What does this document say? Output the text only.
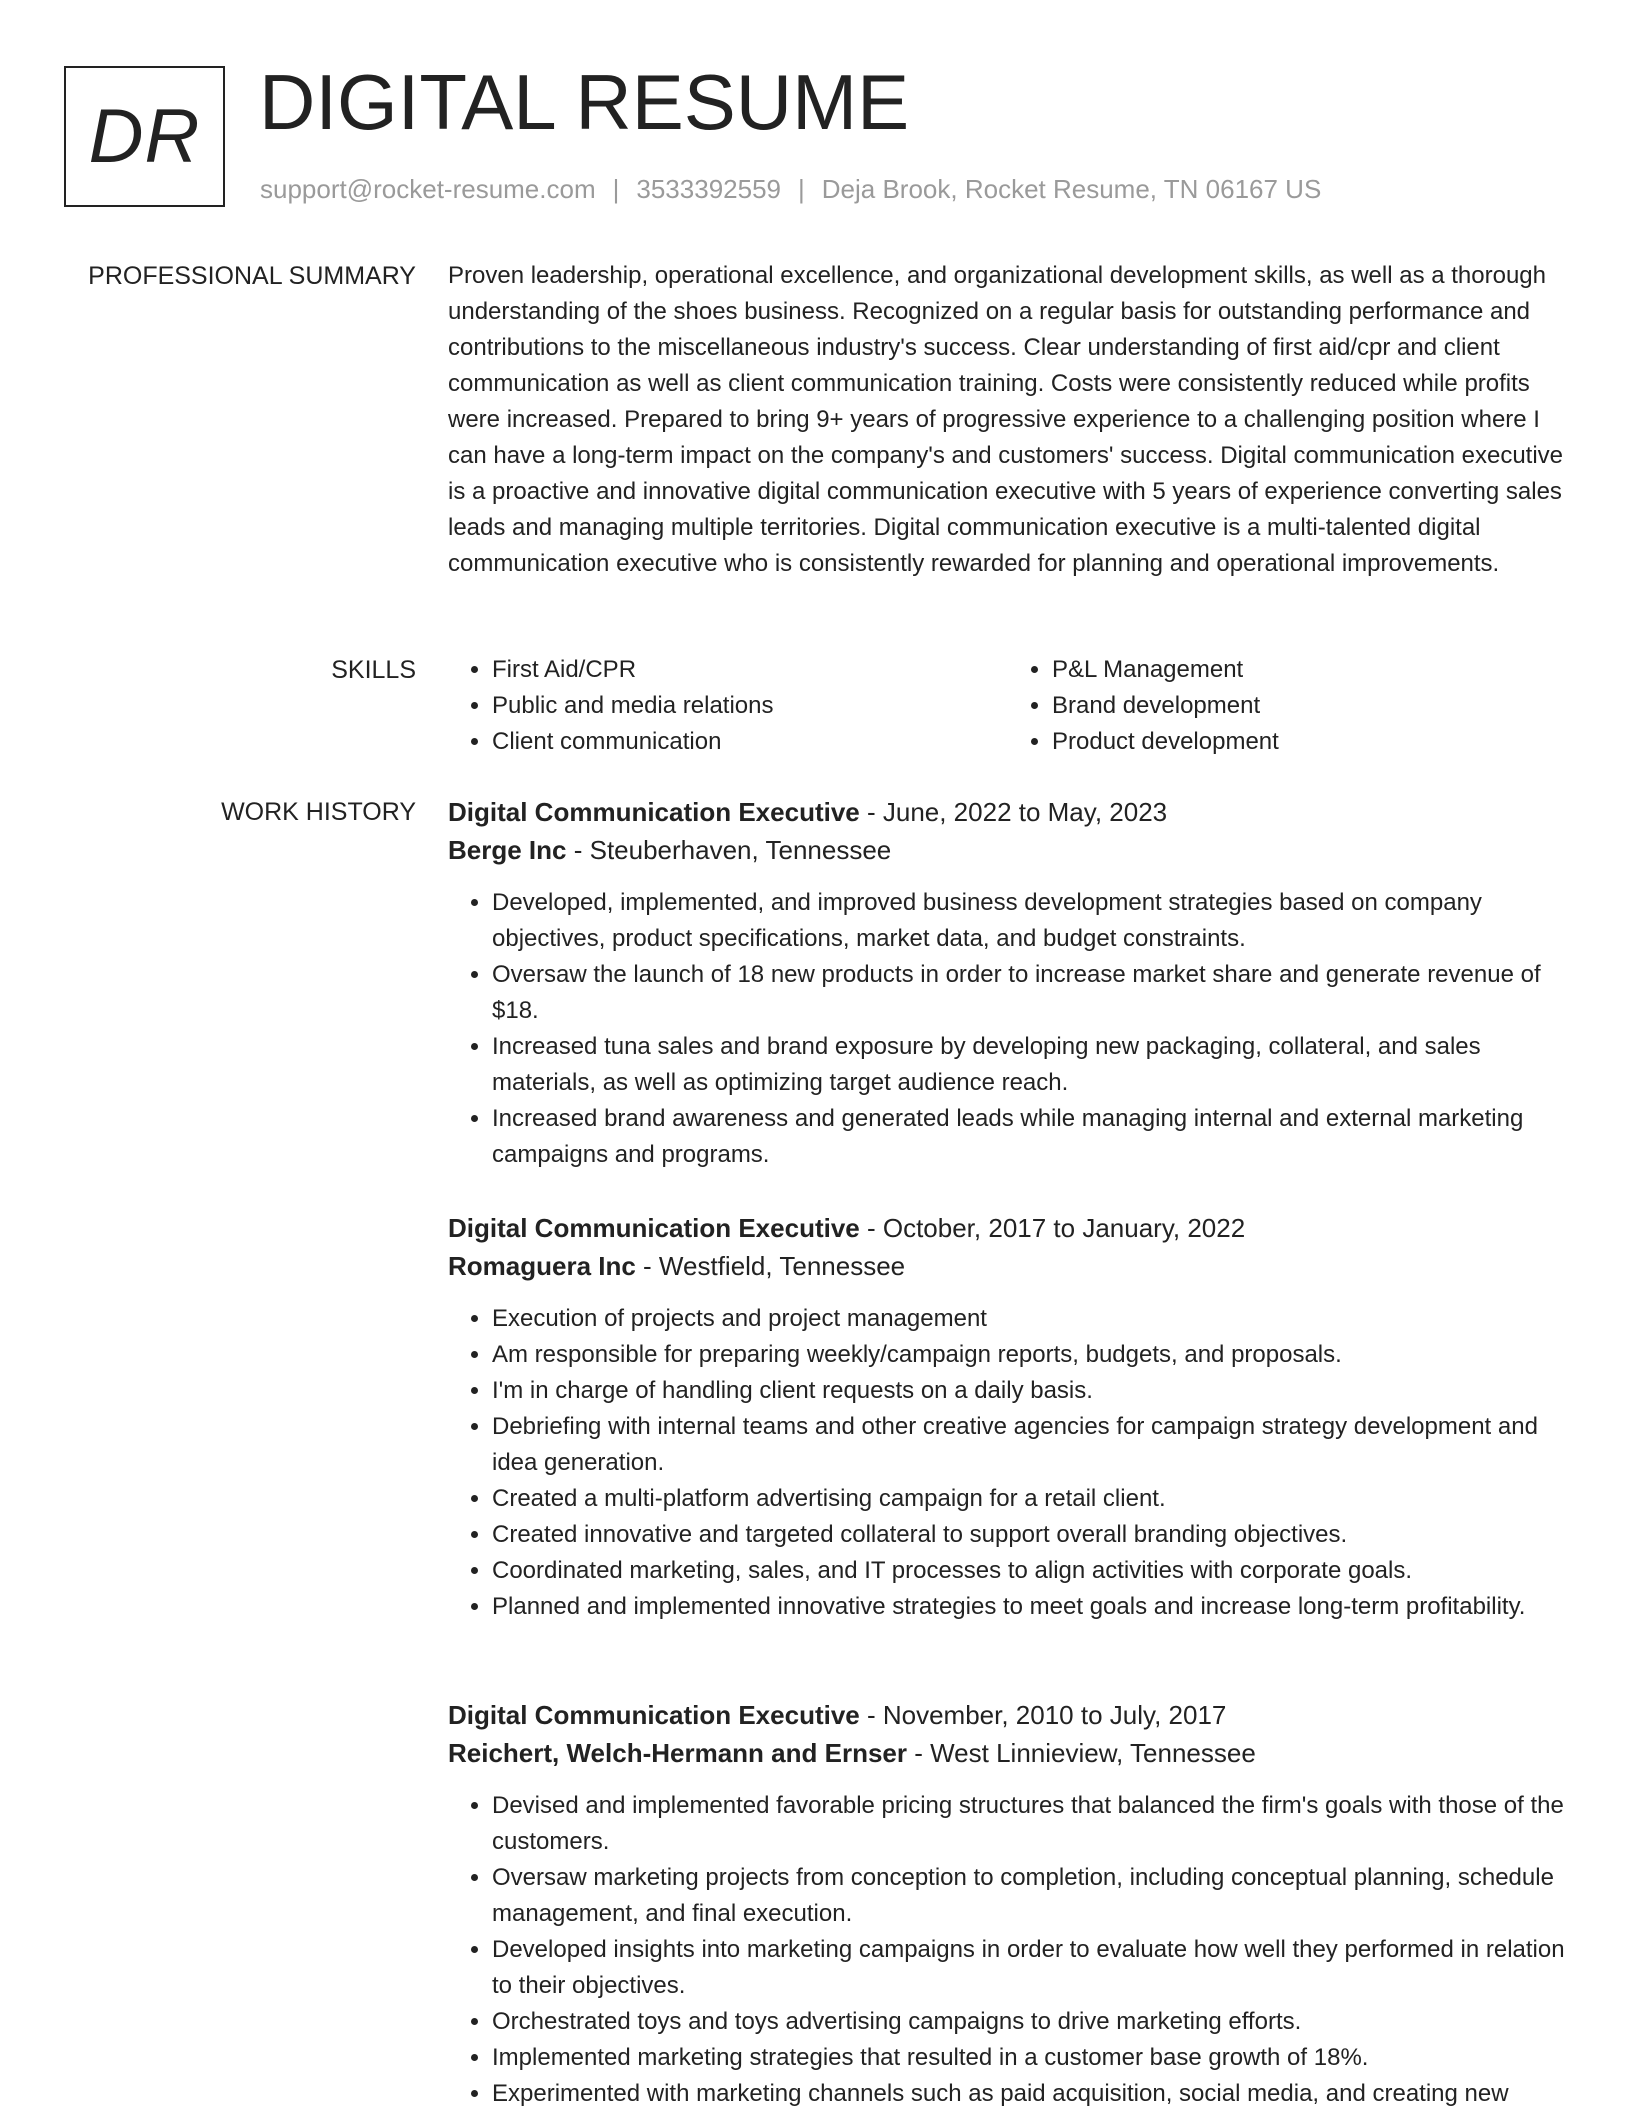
DR DIGITAL RESUME
support@rocket-resume.com | 3533392559 | Deja Brook, Rocket Resume, TN 06167 US
PROFESSIONAL SUMMARY Proven leadership, operational excellence, and organizational development skills, as well as a thorough understanding of the shoes business. Recognized on a regular basis for outstanding performance and contributions to the miscellaneous industry's success. Clear understanding of first aid/cpr and client communication as well as client communication training. Costs were consistently reduced while profits were increased. Prepared to bring 9+ years of progressive experience to a challenging position where I can have a long-term impact on the company's and customers' success. Digital communication executive is a proactive and innovative digital communication executive with 5 years of experience converting sales leads and managing multiple territories. Digital communication executive is a multi-talented digital communication executive who is consistently rewarded for planning and operational improvements.

SKILLS
•	First Aid/CPR
• Public and media relations
• Client communication
• P&L Management
• Brand development
• Product development
WORK HISTORY Digital Communication Executive - June, 2022 to May, 2023
Berge Inc - Steuberhaven, Tennessee
• Developed, implemented, and improved business development strategies based on company objectives, product specifications, market data, and budget constraints.
• Oversaw the launch of 18 new products in order to increase market share and generate revenue of $18.
• Increased tuna sales and brand exposure by developing new packaging, collateral, and sales materials, as well as optimizing target audience reach.
• Increased brand awareness and generated leads while managing internal and external marketing campaigns and programs.
Digital Communication Executive - October, 2017 to January, 2022
Romaguera Inc - Westfield, Tennessee
• Execution of projects and project management
• Am responsible for preparing weekly/campaign reports, budgets, and proposals.
• I'm in charge of handling client requests on a daily basis.
• Debriefing with internal teams and other creative agencies for campaign strategy development and idea generation.
• Created a multi-platform advertising campaign for a retail client.
• Created innovative and targeted collateral to support overall branding objectives.
• Coordinated marketing, sales, and IT processes to align activities with corporate goals.
• Planned and implemented innovative strategies to meet goals and increase long-term profitability.
Digital Communication Executive - November, 2010 to July, 2017
Reichert, Welch-Hermann and Ernser - West Linnieview, Tennessee
• Devised and implemented favorable pricing structures that balanced the firm's goals with those of the customers.
• Oversaw marketing projects from conception to completion, including conceptual planning, schedule management, and final execution.
• Developed insights into marketing campaigns in order to evaluate how well they performed in relation to their objectives.
• Orchestrated toys and toys advertising campaigns to drive marketing efforts.
• Implemented marketing strategies that resulted in a customer base growth of 18%.
• Experimented with marketing channels such as paid acquisition, social media, and creating new
